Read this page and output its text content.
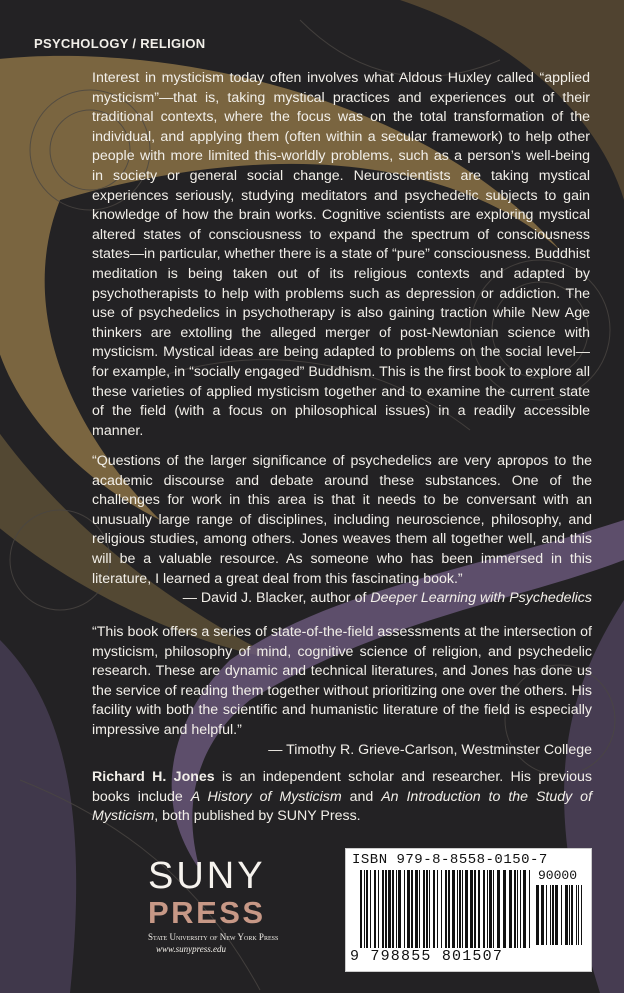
PSYCHOLOGY / RELIGION

Interest in mysticism today often involves what Aldous Huxley called “applied mysticism”—that is, taking mystical practices and experiences out of their traditional contexts, where the focus was on the total transformation of the individual, and applying them (often within a secular framework) to help other people with more limited this-worldly problems, such as a person’s well-being in society or general social change. Neuroscientists are taking mystical experiences seriously, studying meditators and psychedelic subjects to gain knowledge of how the brain works. Cognitive scientists are exploring mystical altered states of consciousness to expand the spectrum of consciousness states—in particular, whether there is a state of “pure” consciousness. Buddhist meditation is being taken out of its religious contexts and adapted by psychotherapists to help with problems such as depression or addiction. The use of psychedelics in psychotherapy is also gaining traction while New Age thinkers are extolling the alleged merger of post-Newtonian science with mysticism. Mystical ideas are being adapted to problems on the social level—for example, in “socially engaged” Buddhism. This is the first book to explore all these varieties of applied mysticism together and to examine the current state of the field (with a focus on philosophical issues) in a readily accessible manner.

“Questions of the larger significance of psychedelics are very apropos to the academic discourse and debate around these substances. One of the challenges for work in this area is that it needs to be conversant with an unusually large range of disciplines, including neuroscience, philosophy, and religious studies, among others. Jones weaves them all together well, and this will be a valuable resource. As someone who has been immersed in this literature, I learned a great deal from this fascinating book.”
— David J. Blacker, author of Deeper Learning with Psychedelics

“This book offers a series of state-of-the-field assessments at the intersection of mysticism, philosophy of mind, cognitive science of religion, and psychedelic research. These are dynamic and technical literatures, and Jones has done us the service of reading them together without prioritizing one over the others. His facility with both the scientific and humanistic literature of the field is especially impressive and helpful.”
— Timothy R. Grieve-Carlson, Westminster College

Richard H. Jones is an independent scholar and researcher. His previous books include A History of Mysticism and An Introduction to the Study of Mysticism, both published by SUNY Press.

SUNY
PRESS
State University of New York Press
www.sunypress.edu
ISBN 979-8-8558-0150-7
90000
9 798855 801507
